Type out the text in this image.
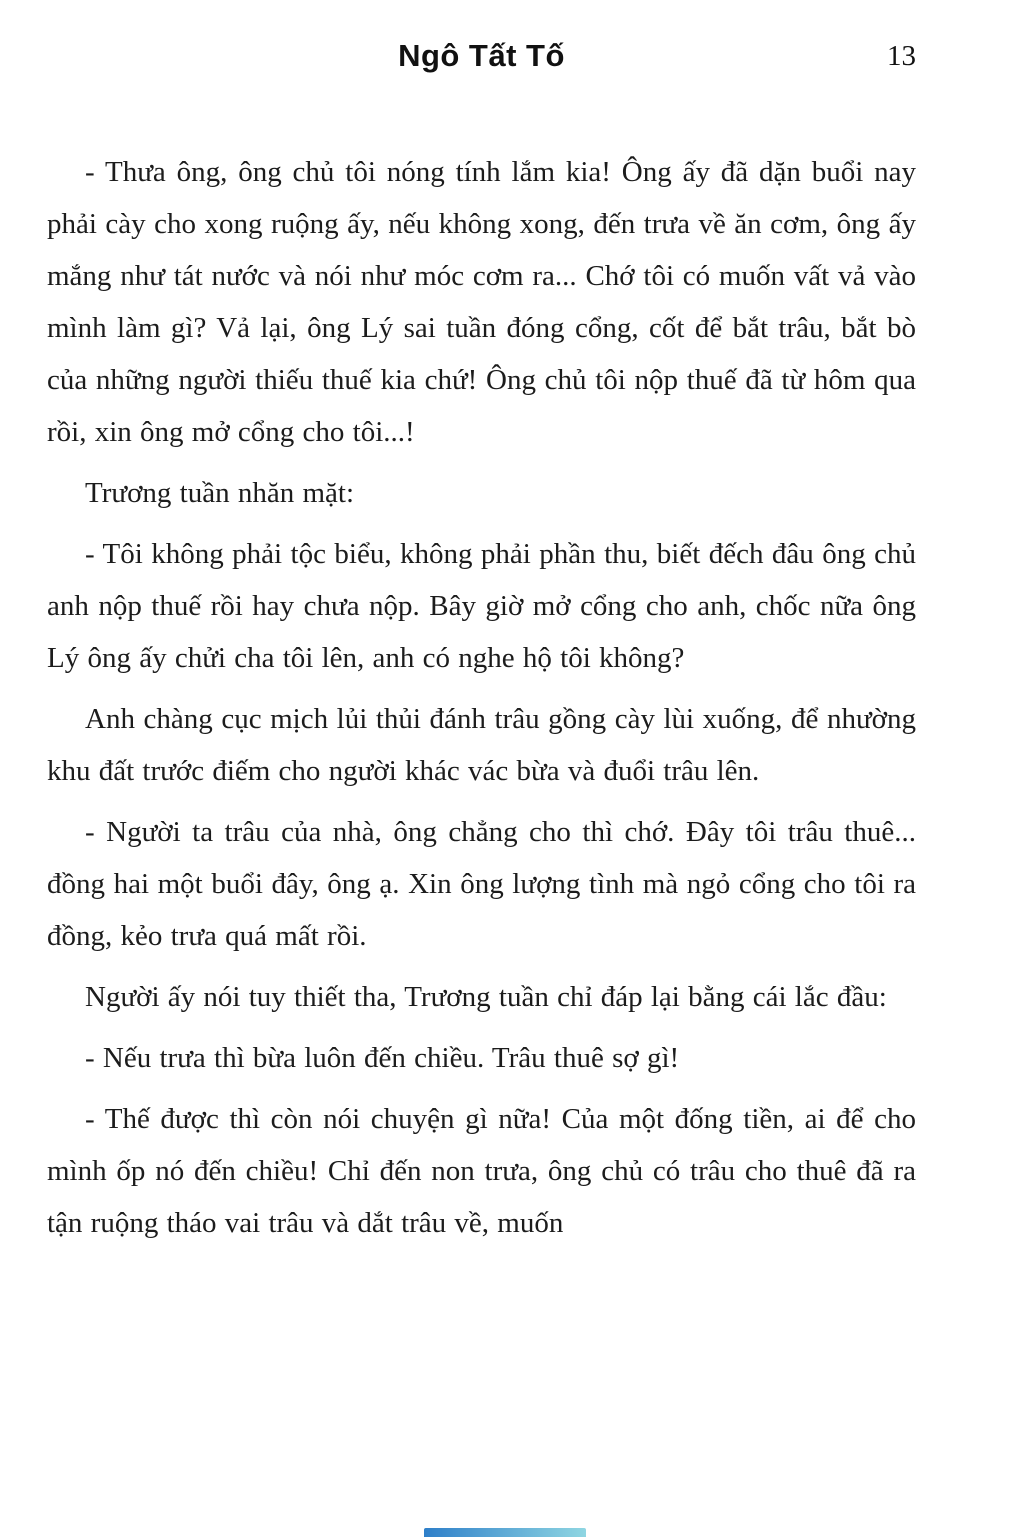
Ngô Tất Tố	13

- Thưa ông, ông chủ tôi nóng tính lắm kia! Ông ấy đã dặn buổi nay phải cày cho xong ruộng ấy, nếu không xong, đến trưa về ăn cơm, ông ấy mắng như tát nước và nói như móc cơm ra... Chớ tôi có muốn vất vả vào mình làm gì? Vả lại, ông Lý sai tuần đóng cổng, cốt để bắt trâu, bắt bò của những người thiếu thuế kia chứ! Ông chủ tôi nộp thuế đã từ hôm qua rồi, xin ông mở cổng cho tôi...!

Trương tuần nhăn mặt:

- Tôi không phải tộc biểu, không phải phần thu, biết đếch đâu ông chủ anh nộp thuế rồi hay chưa nộp. Bây giờ mở cổng cho anh, chốc nữa ông Lý ông ấy chửi cha tôi lên, anh có nghe hộ tôi không?

Anh chàng cục mịch lủi thủi đánh trâu gồng cày lùi xuống, để nhường khu đất trước điếm cho người khác vác bừa và đuổi trâu lên.

- Người ta trâu của nhà, ông chẳng cho thì chớ. Đây tôi trâu thuê... đồng hai một buổi đây, ông ạ. Xin ông lượng tình mà ngỏ cổng cho tôi ra đồng, kẻo trưa quá mất rồi.

Người ấy nói tuy thiết tha, Trương tuần chỉ đáp lại bằng cái lắc đầu:

- Nếu trưa thì bừa luôn đến chiều. Trâu thuê sợ gì!

- Thế được thì còn nói chuyện gì nữa! Của một đống tiền, ai để cho mình ốp nó đến chiều! Chỉ đến non trưa, ông chủ có trâu cho thuê đã ra tận ruộng tháo vai trâu và dắt trâu về, muốn
